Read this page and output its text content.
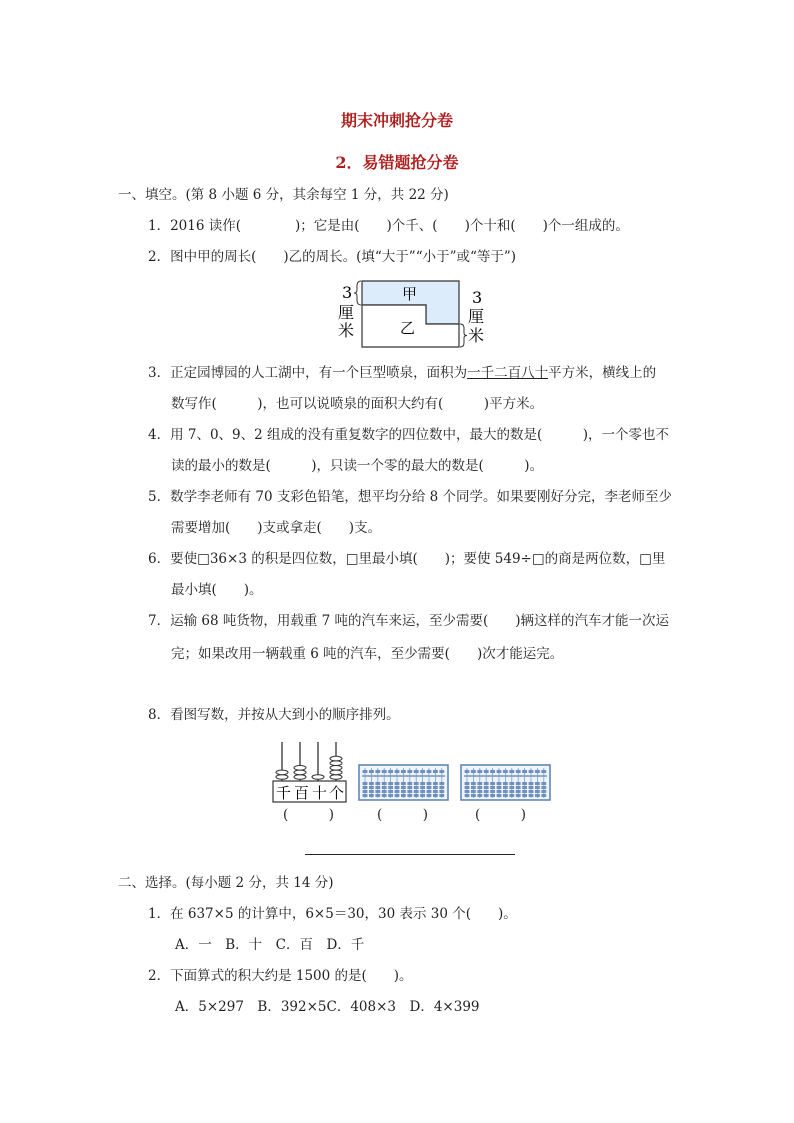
期末冲刺抢分卷
2．易错题抢分卷
一、填空。(第 8 小题 6 分，其余每空 1 分，共 22 分)
1．2016 读作(　　　　)；它是由(　　)个千、(　　)个十和(　　)个一组成的。
2．图中甲的周长(　　)乙的周长。(填“大于”“小于”或“等于”)
3
厘
米
3
厘
米
甲
乙
3．正定园博园的人工湖中，有一个巨型喷泉，面积为一千二百八十平方米，横线上的
数写作(　　　)，也可以说喷泉的面积大约有(　　　)平方米。
4．用 7、0、9、2 组成的没有重复数字的四位数中，最大的数是(　　　)，一个零也不
读的最小的数是(　　　)，只读一个零的最大的数是(　　　)。
5．数学李老师有 70 支彩色铅笔，想平均分给 8 个同学。如果要刚好分完，李老师至少
需要增加(　　)支或拿走(　　)支。
6．要使□36×3 的积是四位数，□里最小填(　　)；要使 549÷□的商是两位数，□里
最小填(　　)。
7．运输 68 吨货物，用载重 7 吨的汽车来运，至少需要(　　)辆这样的汽车才能一次运
完；如果改用一辆载重 6 吨的汽车，至少需要(　　)次才能运完。
8．看图写数，并按从大到小的顺序排列。
千 百 十 个
(　　　)	(　　　)	(　　　)
二、选择。(每小题 2 分，共 14 分)
1．在 637×5 的计算中，6×5＝30，30 表示 30 个(　　)。
A．一　B．十　C．百　D．千
2．下面算式的积大约是 1500 的是(　　)。
A．5×297　B．392×5C．408×3　D．4×399
